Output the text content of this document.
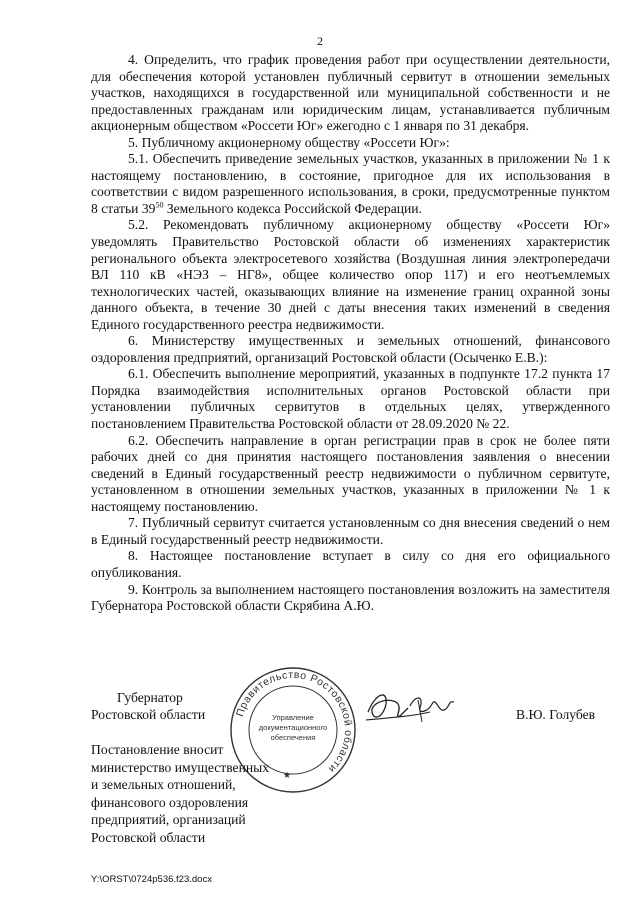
2

4. Определить, что график проведения работ при осуществлении деятельности, для обеспечения которой установлен публичный сервитут в отношении земельных участков, находящихся в государственной или муниципальной собственности и не предоставленных гражданам или юридическим лицам, устанавливается публичным акционерным обществом «Россети Юг» ежегодно с 1 января по 31 декабря.

5. Публичному акционерному обществу «Россети Юг»:

5.1. Обеспечить приведение земельных участков, указанных в приложении № 1 к настоящему постановлению, в состояние, пригодное для их использования в соответствии с видом разрешенного использования, в сроки, предусмотренные пунктом 8 статьи $39^{50}$ Земельного кодекса Российской Федерации.

5.2. Рекомендовать публичному акционерному обществу «Россети Юг» уведомлять Правительство Ростовской области об изменениях характеристик регионального объекта электросетевого хозяйства (Воздушная линия электропередачи ВЛ 110 кВ «НЭЗ – НГ8», общее количество опор 117) и его неотъемлемых технологических частей, оказывающих влияние на изменение границ охранной зоны данного объекта, в течение 30 дней с даты внесения таких изменений в сведения Единого государственного реестра недвижимости.

6. Министерству имущественных и земельных отношений, финансового оздоровления предприятий, организаций Ростовской области (Осыченко Е.В.):

6.1. Обеспечить выполнение мероприятий, указанных в подпункте 17.2 пункта 17 Порядка взаимодействия исполнительных органов Ростовской области при установлении публичных сервитутов в отдельных целях, утвержденного постановлением Правительства Ростовской области от 28.09.2020 № 22.

6.2. Обеспечить направление в орган регистрации прав в срок не более пяти рабочих дней со дня принятия настоящего постановления заявления о внесении сведений в Единый государственный реестр недвижимости о публичном сервитуте, установленном в отношении земельных участков, указанных в приложении № 1 к настоящему постановлению.

7. Публичный сервитут считается установленным со дня внесения сведений о нем в Единый государственный реестр недвижимости.

8. Настоящее постановление вступает в силу со дня его официального опубликования.

9. Контроль за выполнением настоящего постановления возложить на заместителя Губернатора Ростовской области Скрябина А.Ю.

Правительство Ростовской области
Управление
документационного
обеспечения
★
Губернатор
Ростовской области	В.Ю. Голубев
Постановление вносит
министерство имущественных
и земельных отношений,
финансового оздоровления
предприятий, организаций
Ростовской области
Y:\ORST\0724p536.f23.docx
